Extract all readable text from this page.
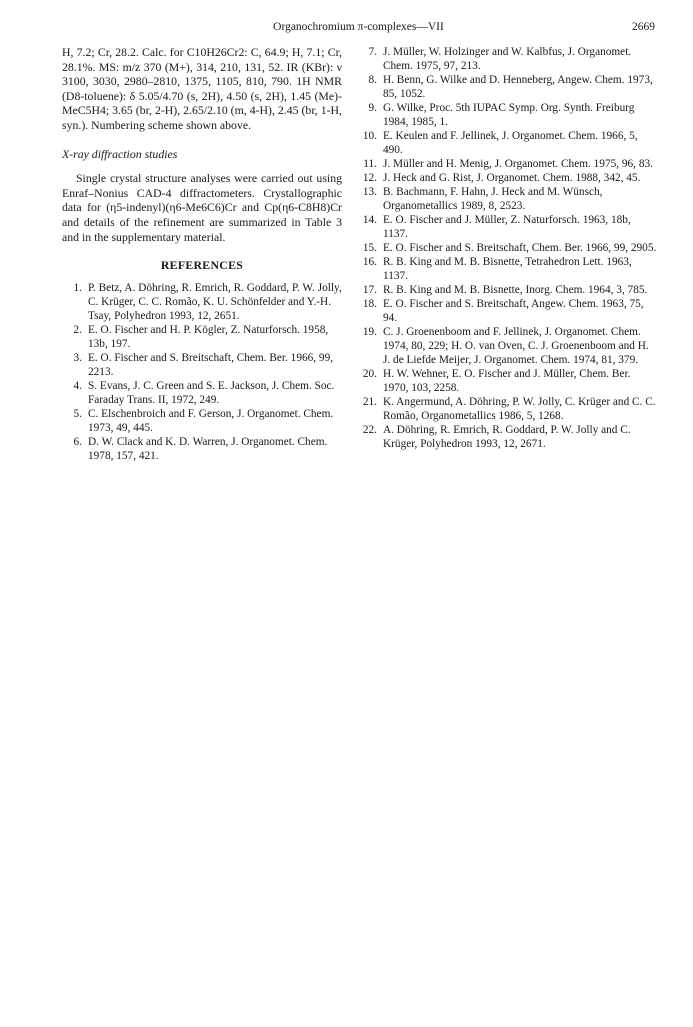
Organochromium π-complexes—VII	2669

H, 7.2; Cr, 28.2. Calc. for C10H26Cr2: C, 64.9; H, 7.1; Cr, 28.1%. MS: m/z 370 (M+), 314, 210, 131, 52. IR (KBr): ν 3100, 3030, 2980–2810, 1375, 1105, 810, 790. 1H NMR (D8-toluene): δ 5.05/4.70 (s, 2H), 4.50 (s, 2H), 1.45 (Me)-MeC5H4; 3.65 (br, 2-H), 2.65/2.10 (m, 4-H), 2.45 (br, 1-H, syn.). Numbering scheme shown above.

X-ray diffraction studies

Single crystal structure analyses were carried out using Enraf–Nonius CAD-4 diffractometers. Crystallographic data for (η5-indenyl)(η6-Me6C6)Cr and Cp(η6-C8H8)Cr and details of the refinement are summarized in Table 3 and in the supplementary material.

REFERENCES
1. P. Betz, A. Döhring, R. Emrich, R. Goddard, P. W. Jolly, C. Krüger, C. C. Romão, K. U. Schönfelder and Y.-H. Tsay, Polyhedron 1993, 12, 2651.
2. E. O. Fischer and H. P. Kögler, Z. Naturforsch. 1958, 13b, 197.
3. E. O. Fischer and S. Breitschaft, Chem. Ber. 1966, 99, 2213.
4. S. Evans, J. C. Green and S. E. Jackson, J. Chem. Soc. Faraday Trans. II, 1972, 249.
5. C. Elschenbroich and F. Gerson, J. Organomet. Chem. 1973, 49, 445.
6. D. W. Clack and K. D. Warren, J. Organomet. Chem. 1978, 157, 421.
7. J. Müller, W. Holzinger and W. Kalbfus, J. Organomet. Chem. 1975, 97, 213.
8. H. Benn, G. Wilke and D. Henneberg, Angew. Chem. 1973, 85, 1052.
9. G. Wilke, Proc. 5th IUPAC Symp. Org. Synth. Freiburg 1984, 1985, 1.
10. E. Keulen and F. Jellinek, J. Organomet. Chem. 1966, 5, 490.
11. J. Müller and H. Menig, J. Organomet. Chem. 1975, 96, 83.
12. J. Heck and G. Rist, J. Organomet. Chem. 1988, 342, 45.
13. B. Bachmann, F. Hahn, J. Heck and M. Wünsch, Organometallics 1989, 8, 2523.
14. E. O. Fischer and J. Müller, Z. Naturforsch. 1963, 18b, 1137.
15. E. O. Fischer and S. Breitschaft, Chem. Ber. 1966, 99, 2905.
16. R. B. King and M. B. Bisnette, Tetrahedron Lett. 1963, 1137.
17. R. B. King and M. B. Bisnette, Inorg. Chem. 1964, 3, 785.
18. E. O. Fischer and S. Breitschaft, Angew. Chem. 1963, 75, 94.
19. C. J. Groenenboom and F. Jellinek, J. Organomet. Chem. 1974, 80, 229; H. O. van Oven, C. J. Groenenboom and H. J. de Liefde Meijer, J. Organomet. Chem. 1974, 81, 379.
20. H. W. Wehner, E. O. Fischer and J. Müller, Chem. Ber. 1970, 103, 2258.
21. K. Angermund, A. Döhring, P. W. Jolly, C. Krüger and C. C. Romão, Organometallics 1986, 5, 1268.
22. A. Döhring, R. Emrich, R. Goddard, P. W. Jolly and C. Krüger, Polyhedron 1993, 12, 2671.
